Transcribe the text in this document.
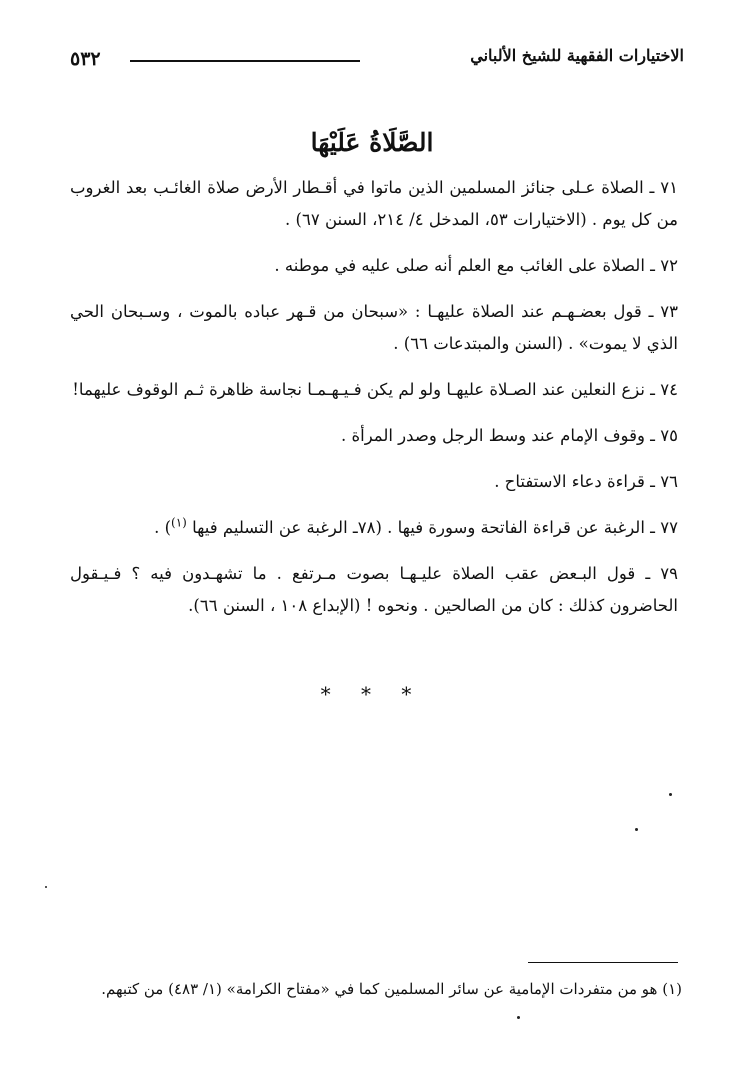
٥٣٢	الاختيارات الفقهية للشيخ الألباني
الصَّلَاةُ عَلَيْهَا

٧١ ـ الصلاة عـلى جنائز المسلمين الذين ماتوا في أقـطار الأرض صلاة الغائـب بعد الغروب من كل يوم . (الاختيارات ٥٣، المدخل ٤/ ٢١٤، السنن ٦٧) .

٧٢ ـ الصلاة على الغائب مع العلم أنه صلى عليه في موطنه .

٧٣ ـ قول بعضـهـم عند الصلاة عليهـا : «سبحان من قـهر عباده بالموت ، وسـبحان الحي الذي لا يموت» . (السنن والمبتدعات ٦٦) .

٧٤ ـ نزع النعلين عند الصـلاة عليهـا ولو لم يكن فـيـهـمـا نجاسة ظاهرة ثـم الوقوف عليهما!

٧٥ ـ وقوف الإمام عند وسط الرجل وصدر المرأة .

٧٦ ـ قراءة دعاء الاستفتاح .

٧٧ ـ الرغبة عن قراءة الفاتحة وسورة فيها . (٧٨ـ الرغبة عن التسليم فيها $^{(١)}$) .

٧٩ ـ قول البـعض عقب الصلاة عليـهـا بصوت مـرتفع . ما تشهـدون فيه ؟ فـيـقول الحاضرون كذلك : كان من الصالحين . ونحوه ! (الإبداع ١٠٨ ، السنن ٦٦).

* * *
(١) هو من متفردات الإمامية عن سائر المسلمين كما في «مفتاح الكرامة» (١/ ٤٨٣) من كتبهم.
